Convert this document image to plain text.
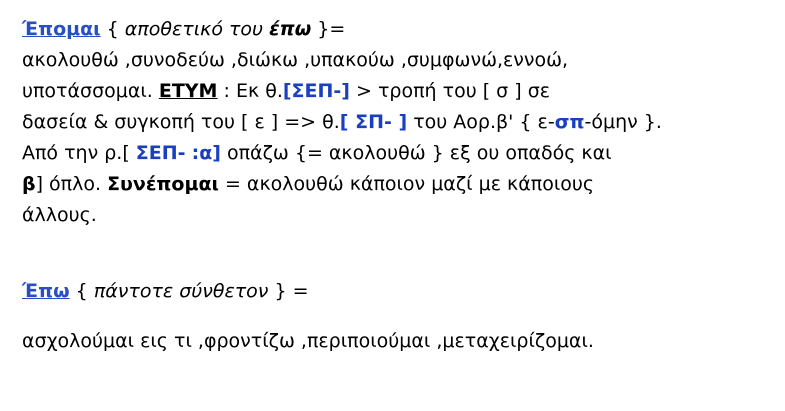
Έπομαι { αποθετικό του έπω }=

ακολουθώ ,συνοδεύω ,διώκω ,υπακούω ,συμφωνώ,εννοώ,

υποτάσσομαι. ΕΤΥΜ : Εκ θ.[ΣΕΠ-] > τροπή του [ σ ] σε

δασεία & συγκοπή του [ ε ] => θ.[ ΣΠ- ] του Αορ.β' { ε-σπ-όμην }.

Από την ρ.[ ΣΕΠ- :α] οπάζω {= ακολουθώ } εξ ου οπαδός και

β] όπλο. Συνέπομαι = ακολουθώ κάποιον μαζί με κάποιους

άλλους.

Έπω { πάντοτε σύνθετον } =

ασχολούμαι εις τι ,φροντίζω ,περιποιούμαι ,μεταχειρίζομαι.
